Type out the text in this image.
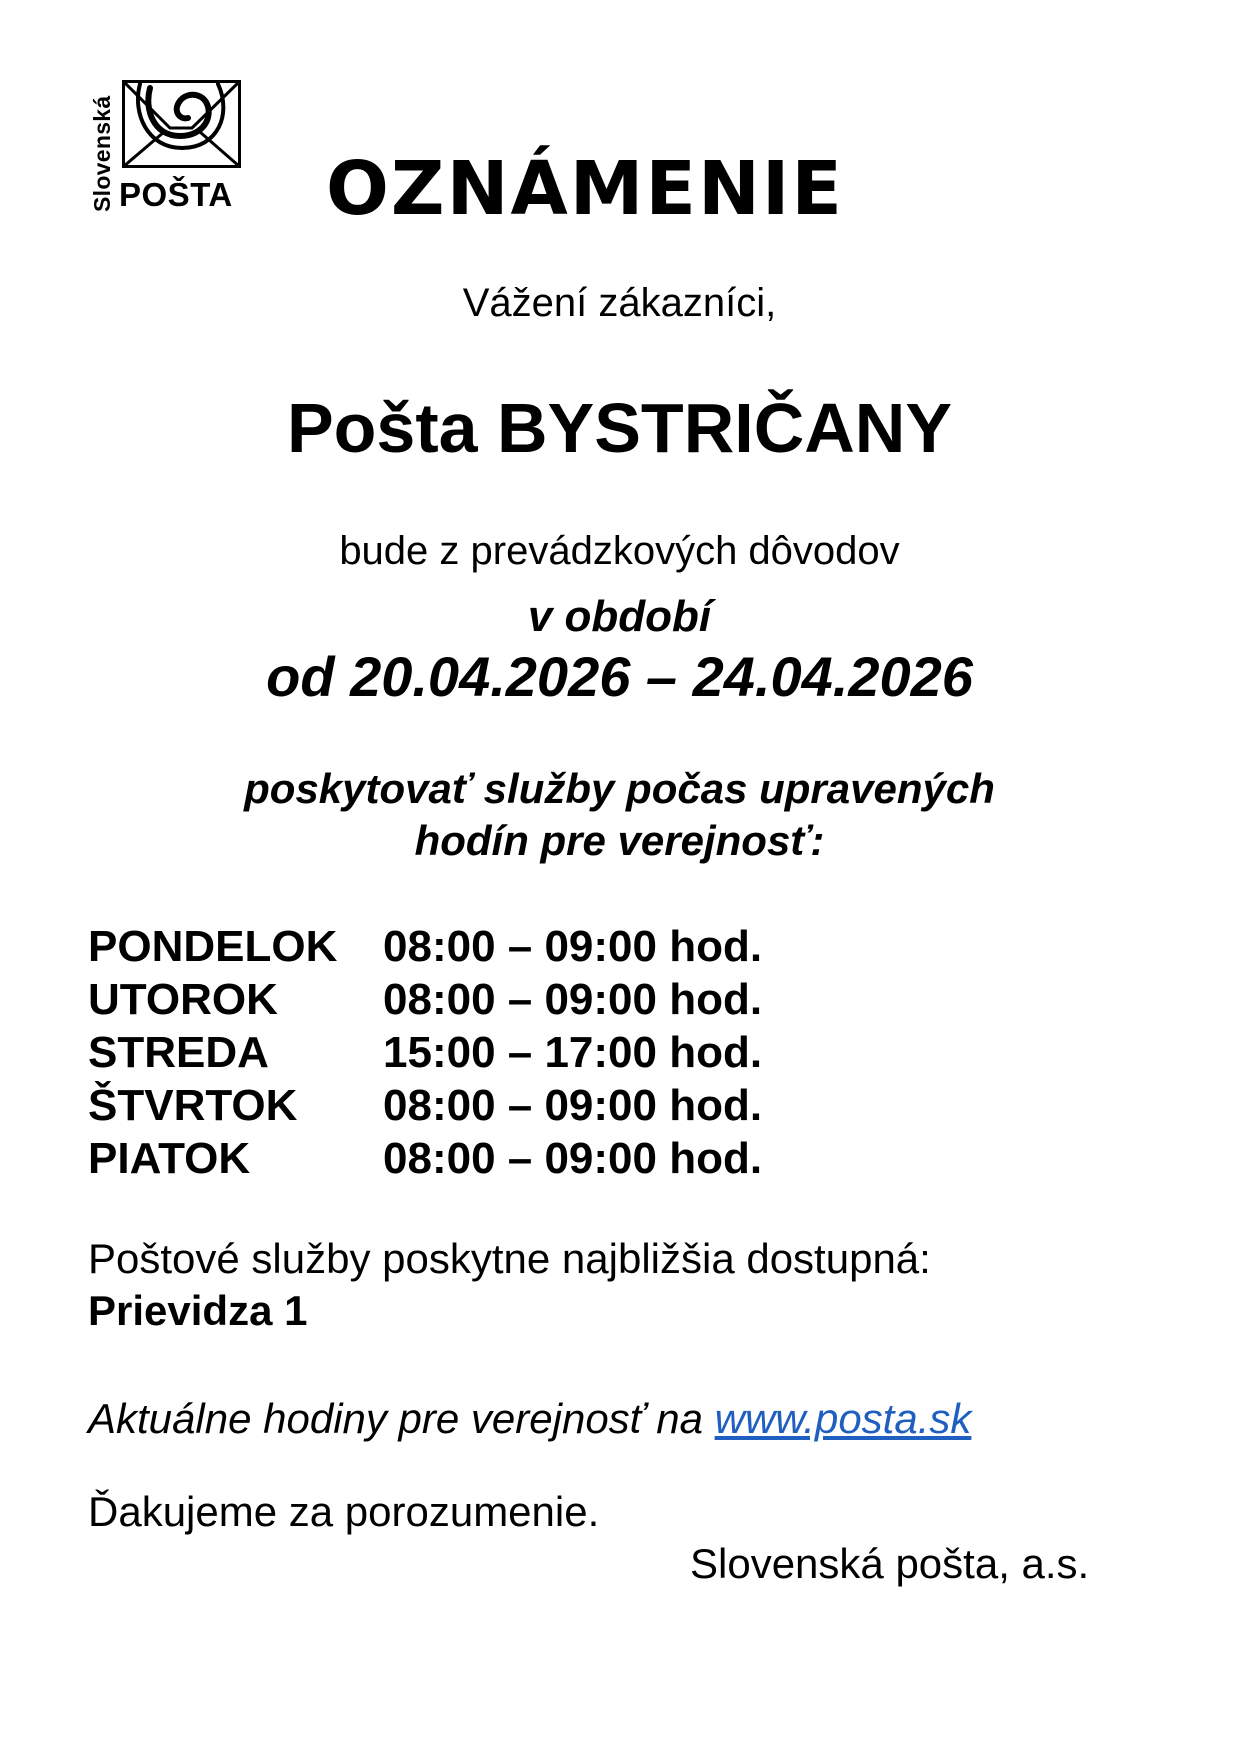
Slovenská POŠTA OZNÁMENIE
Vážení zákazníci,
Pošta BYSTRIČANY
bude z prevádzkových dôvodov
v období
od 20.04.2026 – 24.04.2026
poskytovať služby počas upravených
hodín pre verejnosť:
PONDELOK	08:00 – 09:00 hod.
UTOROK	08:00 – 09:00 hod.
STREDA	15:00 – 17:00 hod.
ŠTVRTOK	08:00 – 09:00 hod.
PIATOK	08:00 – 09:00 hod.
Poštové služby poskytne najbližšia dostupná:
Prievidza 1
Aktuálne hodiny pre verejnosť na www.posta.sk
Ďakujeme za porozumenie.
Slovenská pošta, a.s.
